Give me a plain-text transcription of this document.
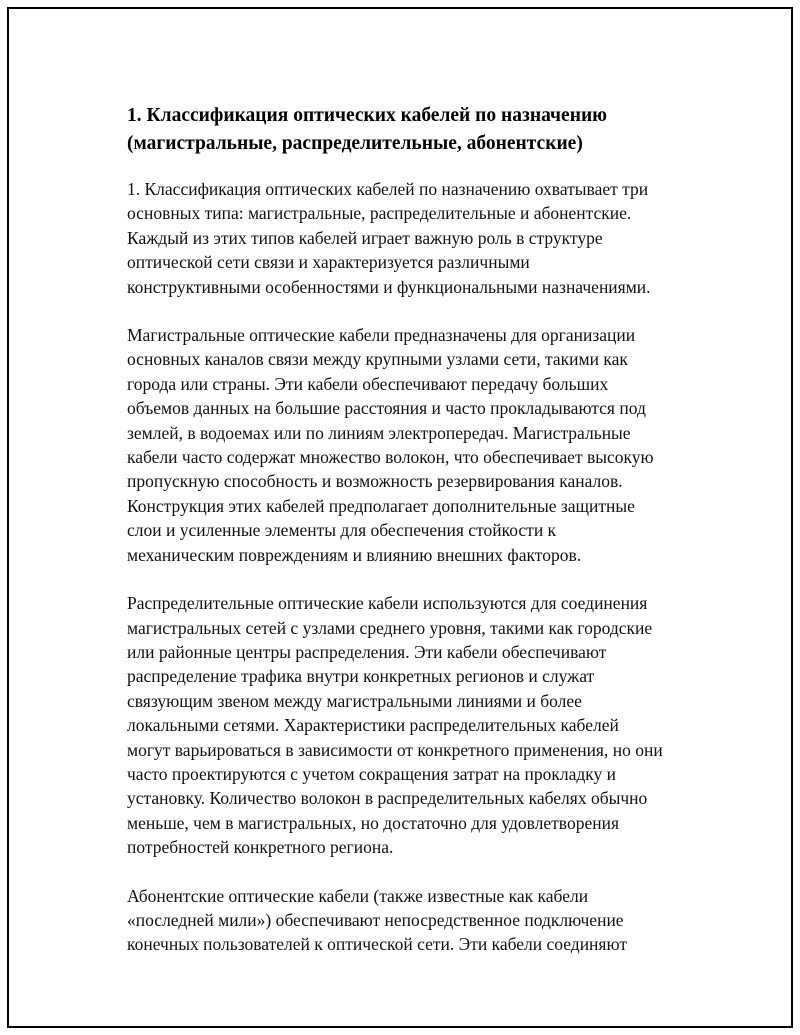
1. Классификация оптических кабелей по назначению
(магистральные, распределительные, абонентские)

1. Классификация оптических кабелей по назначению охватывает три
основных типа: магистральные, распределительные и абонентские.
Каждый из этих типов кабелей играет важную роль в структуре
оптической сети связи и характеризуется различными
конструктивными особенностями и функциональными назначениями.

Магистральные оптические кабели предназначены для организации
основных каналов связи между крупными узлами сети, такими как
города или страны. Эти кабели обеспечивают передачу больших
объемов данных на большие расстояния и часто прокладываются под
землей, в водоемах или по линиям электропередач. Магистральные
кабели часто содержат множество волокон, что обеспечивает высокую
пропускную способность и возможность резервирования каналов.
Конструкция этих кабелей предполагает дополнительные защитные
слои и усиленные элементы для обеспечения стойкости к
механическим повреждениям и влиянию внешних факторов.

Распределительные оптические кабели используются для соединения
магистральных сетей с узлами среднего уровня, такими как городские
или районные центры распределения. Эти кабели обеспечивают
распределение трафика внутри конкретных регионов и служат
связующим звеном между магистральными линиями и более
локальными сетями. Характеристики распределительных кабелей
могут варьироваться в зависимости от конкретного применения, но они
часто проектируются с учетом сокращения затрат на прокладку и
установку. Количество волокон в распределительных кабелях обычно
меньше, чем в магистральных, но достаточно для удовлетворения
потребностей конкретного региона.

Абонентские оптические кабели (также известные как кабели
«последней мили») обеспечивают непосредственное подключение
конечных пользователей к оптической сети. Эти кабели соединяют
